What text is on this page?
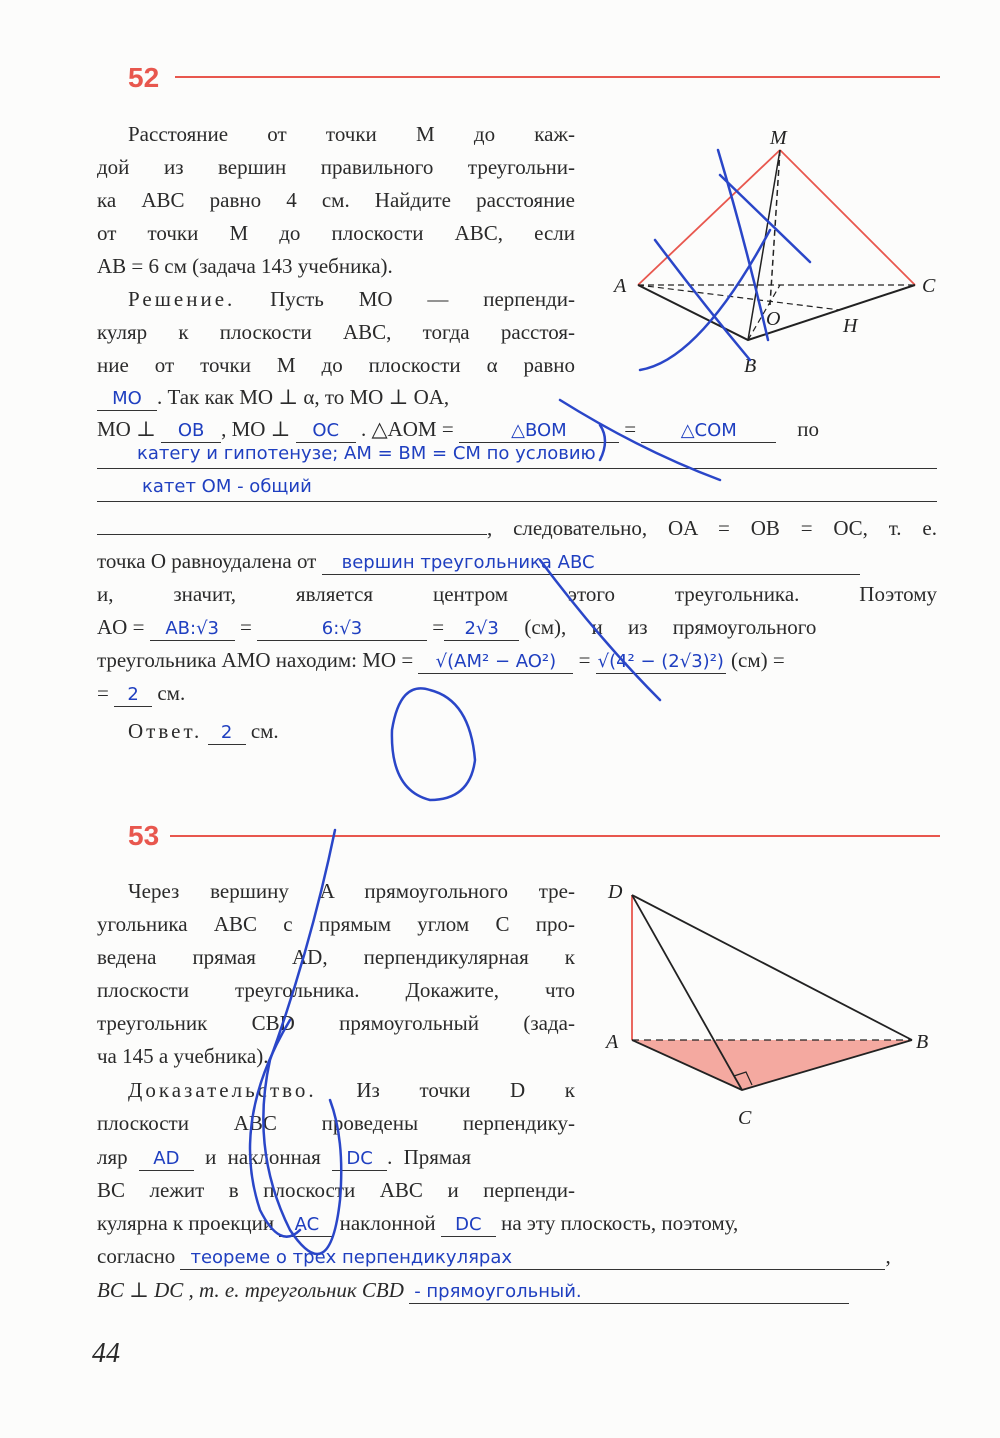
52
Расстояние от точки M до каж-
дой из вершин правильного треугольни-
ка ABC равно 4 см. Найдите расстояние
от точки M до плоскости ABC, если
AB = 6 см (задача 143 учебника).
Решение. Пусть MO — перпенди-
куляр к плоскости ABC, тогда расстоя-
ние от точки M до плоскости α равно
MO . Так как MO ⊥ α, то MO ⊥ OA,
MO ⊥ OB , MO ⊥ OC . △AOM =	△BOM	= △COM	по
категу и гипотенузе; AM = BM = CM по условию
катет OM - общий
, следовательно, OA = OB = OC, т. е.
точка O равноудалена от вершин треугольника ABC
и, значит, является центром этого треугольника. Поэтому
AO = AB:√3 =	6:√3	= 2√3 (см), и из прямоугольного
треугольника AMO находим: MO = √(AM² − AO²) = √(4² − (2√3)²) (см) =
= 2 см.
Ответ. 2 см.
M
A	C
O	H
B
53
Через вершину A прямоугольного тре-
угольника ABC с прямым углом C про-
ведена прямая AD, перпендикулярная к
плоскости треугольника. Докажите, что
треугольник CBD прямоугольный (зада-
ча 145 а учебника).
Доказательство. Из точки D к
плоскости ABC проведены перпендику-
ляр AD и наклонная DC . Прямая
BC лежит в плоскости ABC и перпенди-
кулярна к проекции AC наклонной DC на эту плоскость, поэтому,
согласно теореме о трех перпендикулярах	,
BC ⊥ DC , т. е. треугольник CBD - прямоугольный.
D
A	B
C
44
